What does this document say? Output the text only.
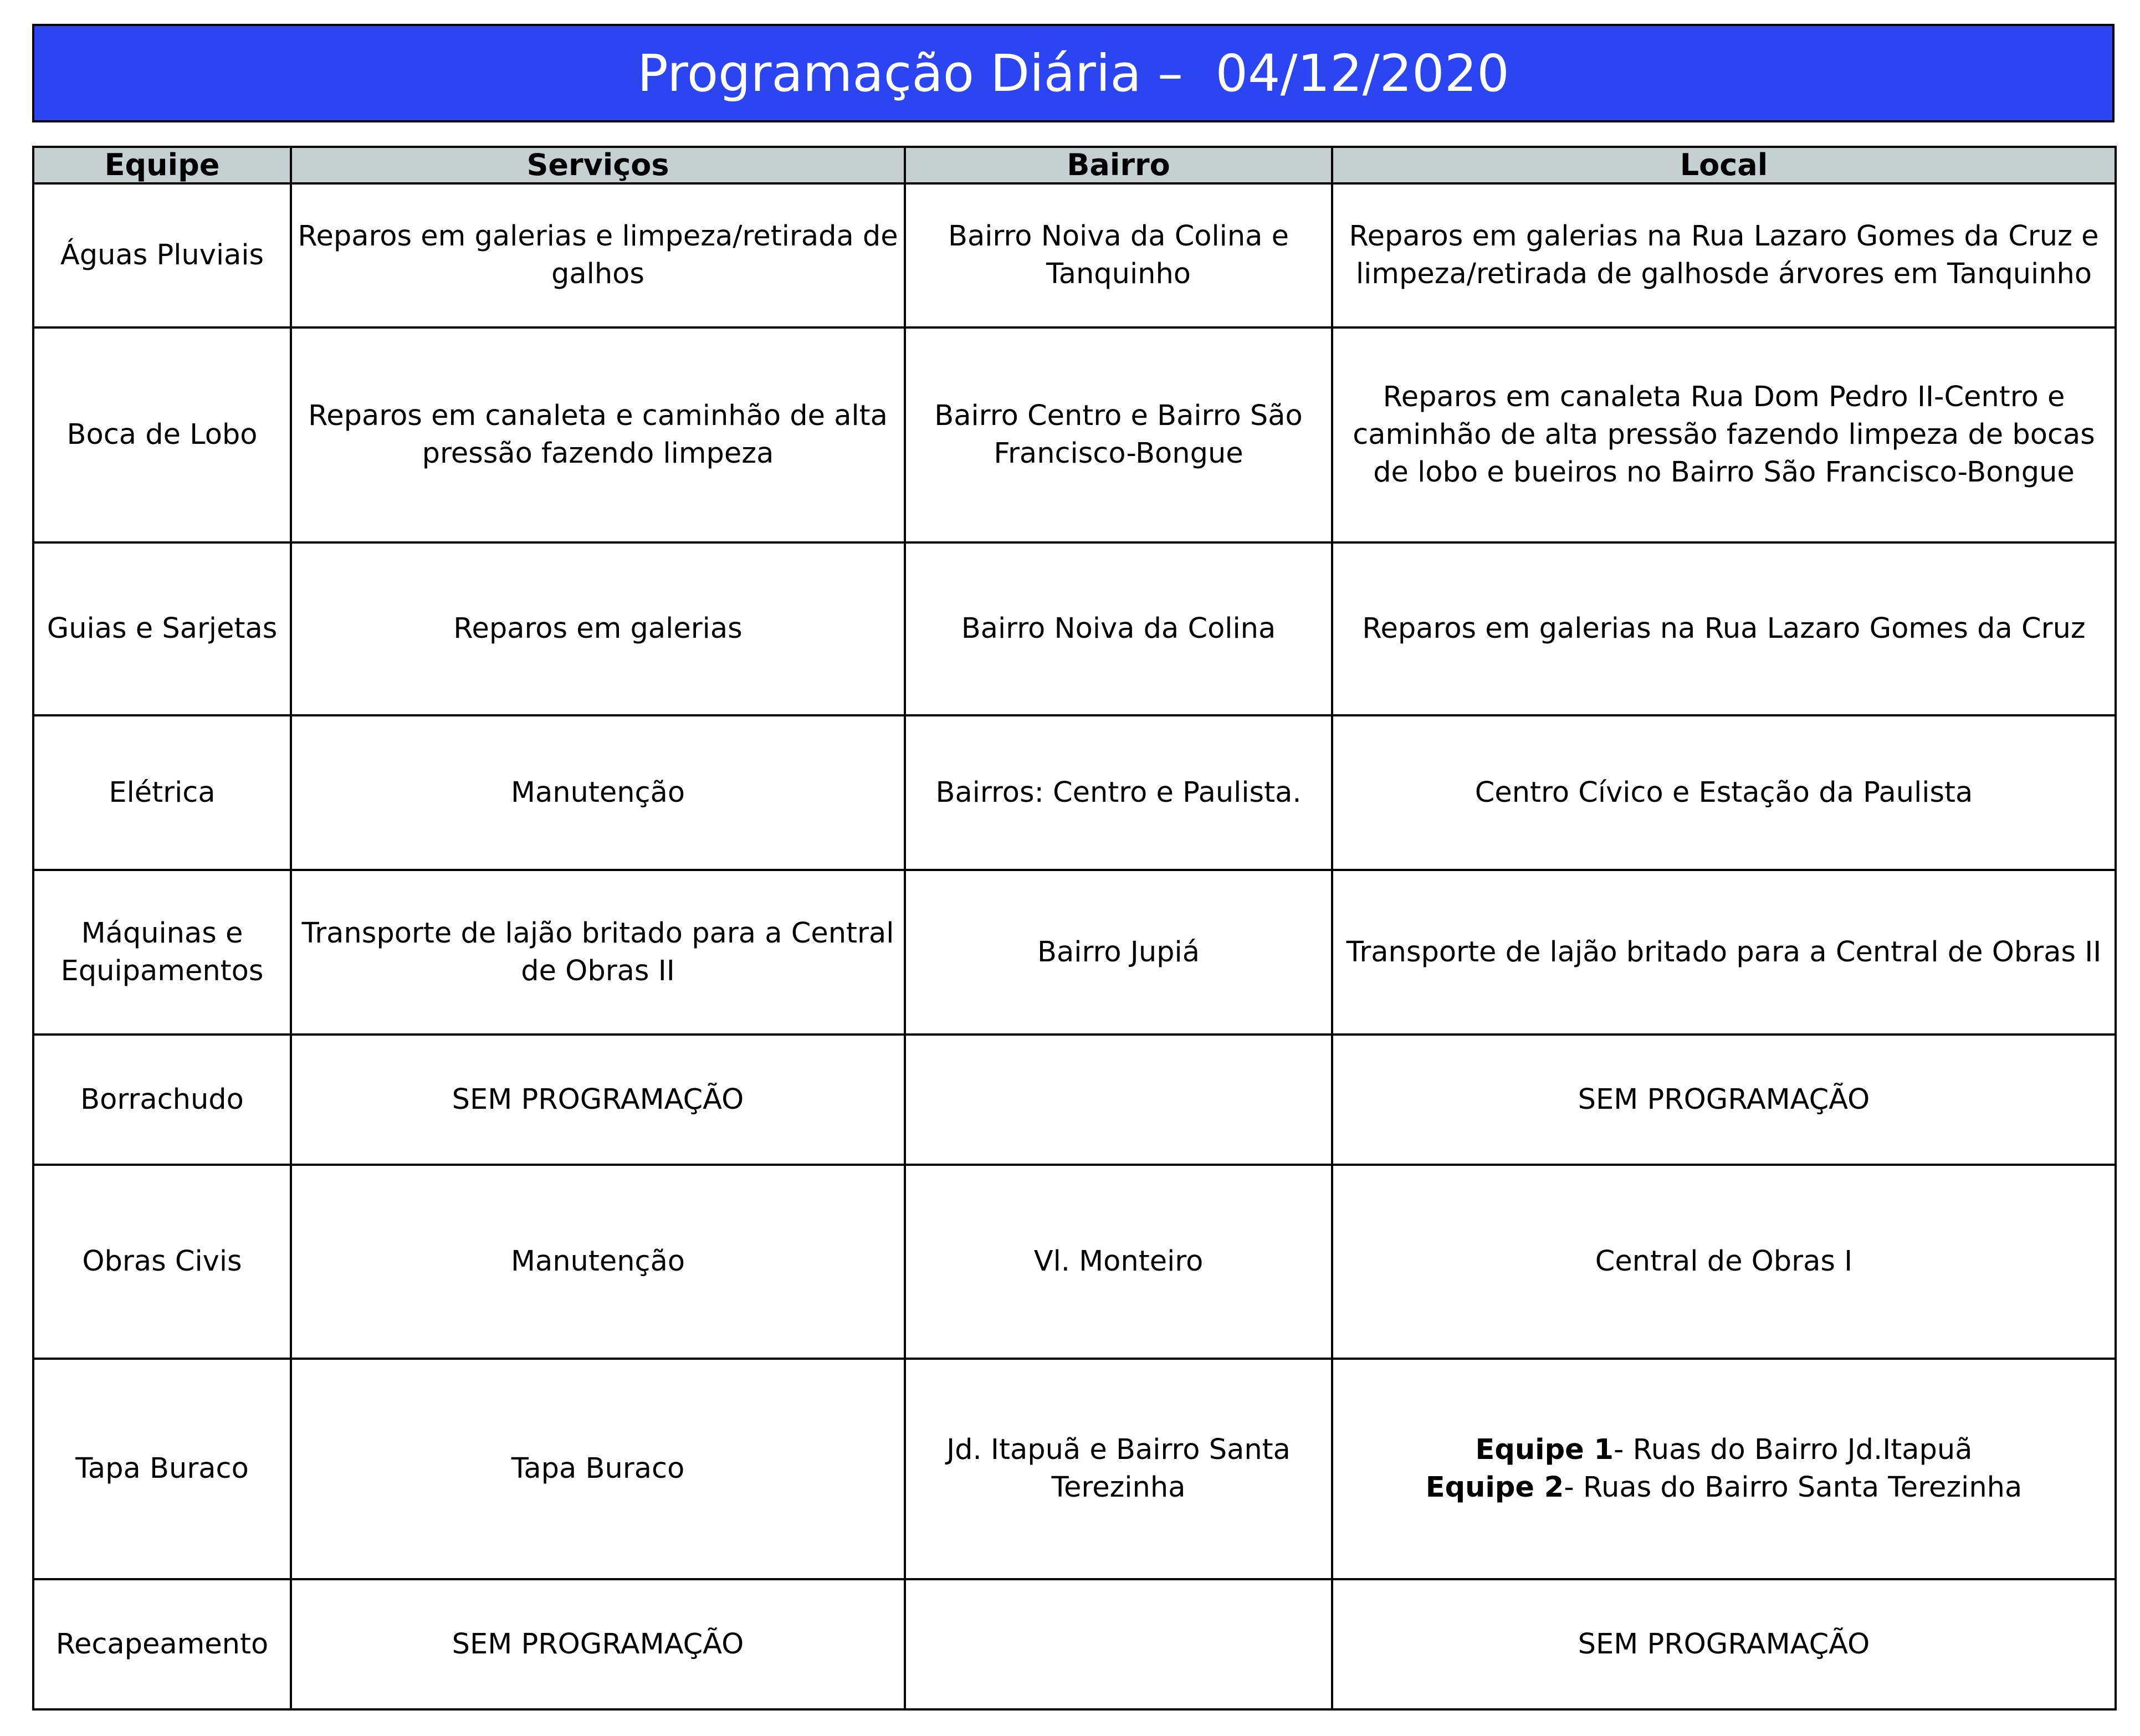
Programação Diária –  04/12/2020
Equipe	Serviços	Bairro	Local
Águas Pluviais	Reparos em galerias e limpeza/retirada de galhos	Bairro Noiva da Colina e Tanquinho	Reparos em galerias na Rua Lazaro Gomes da Cruz e limpeza/retirada de galhosde árvores em Tanquinho
Boca de Lobo	Reparos em canaleta e caminhão de alta pressão fazendo limpeza	Bairro Centro e Bairro São Francisco-Bongue	Reparos em canaleta Rua Dom Pedro II-Centro e caminhão de alta pressão fazendo limpeza de bocas de lobo e bueiros no Bairro São Francisco-Bongue
Guias e Sarjetas	Reparos em galerias	Bairro Noiva da Colina	Reparos em galerias na Rua Lazaro Gomes da Cruz
Elétrica	Manutenção	Bairros: Centro e Paulista.	Centro Cívico e Estação da Paulista
Máquinas e Equipamentos	Transporte de lajão britado para a Central de Obras II	Bairro Jupiá	Transporte de lajão britado para a Central de Obras II
Borrachudo	SEM PROGRAMAÇÃO		SEM PROGRAMAÇÃO
Obras Civis	Manutenção	Vl. Monteiro	Central de Obras I
Tapa Buraco	Tapa Buraco	Jd. Itapuã e Bairro Santa Terezinha	Equipe 1- Ruas do Bairro Jd.Itapuã
Equipe 2- Ruas do Bairro Santa Terezinha

Recapeamento	SEM PROGRAMAÇÃO		SEM PROGRAMAÇÃO
